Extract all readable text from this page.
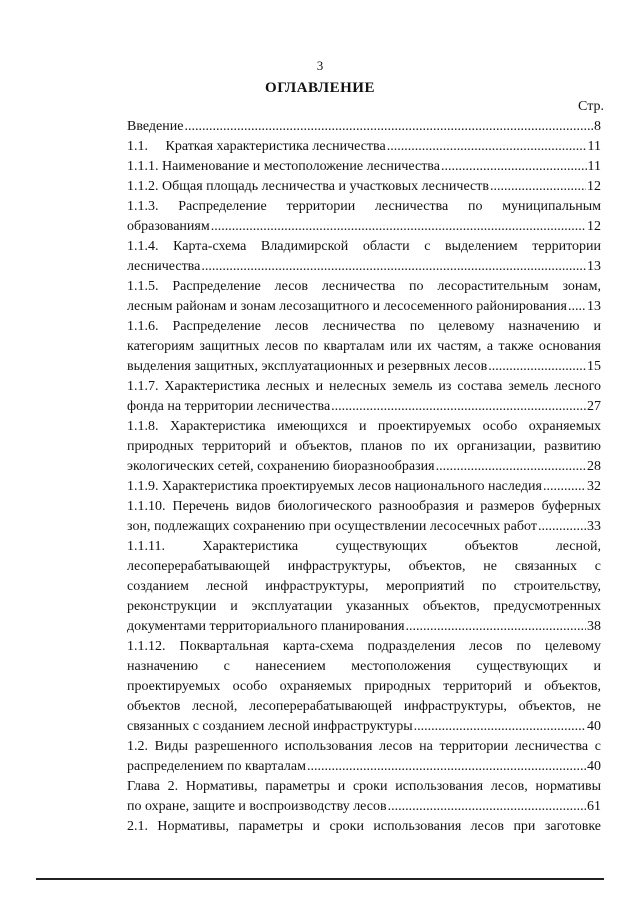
3
ОГЛАВЛЕНИЕ
Стр.
Введение .....	8
1.1.     Краткая характеристика лесничества .....	11
1.1.1. Наименование и местоположение лесничества .....	11
1.1.2. Общая площадь лесничества и участковых лесничеств .....	12
1.1.3. Распределение территории лесничества по муниципальным
образованиям .....	12
1.1.4. Карта-схема Владимирской области с выделением территории
лесничества .....	13
1.1.5. Распределение лесов лесничества по лесорастительным зонам,
лесным районам и зонам лесозащитного и лесосеменного районирования ..... 13
1.1.6. Распределение лесов лесничества по целевому назначению и
категориям защитных лесов по кварталам или их частям, а также основания
выделения защитных, эксплуатационных и резервных лесов .....	15
1.1.7. Характеристика лесных и нелесных земель из состава земель лесного
фонда на территории лесничества .....	27
1.1.8. Характеристика имеющихся и проектируемых особо охраняемых
природных территорий и объектов, планов по их организации, развитию
экологических сетей, сохранению биоразнообразия .....	28
1.1.9. Характеристика проектируемых лесов национального наследия .....	32
1.1.10. Перечень видов биологического разнообразия и размеров буферных
зон, подлежащих сохранению при осуществлении лесосечных работ .....	33
1.1.11. Характеристика существующих объектов лесной,
лесоперерабатывающей инфраструктуры, объектов, не связанных с
созданием лесной инфраструктуры, мероприятий по строительству,
реконструкции и эксплуатации указанных объектов, предусмотренных
документами территориального планирования .....	38
1.1.12. Поквартальная карта-схема подразделения лесов по целевому
назначению с нанесением местоположения существующих и
проектируемых особо охраняемых природных территорий и объектов,
объектов лесной, лесоперерабатывающей инфраструктуры, объектов, не
связанных с созданием лесной инфраструктуры .....	40
1.2. Виды разрешенного использования лесов на территории лесничества с
распределением по кварталам .....	40
Глава 2. Нормативы, параметры и сроки использования лесов, нормативы
по охране, защите и воспроизводству лесов .....	61
2.1. Нормативы, параметры и сроки использования лесов при заготовке
